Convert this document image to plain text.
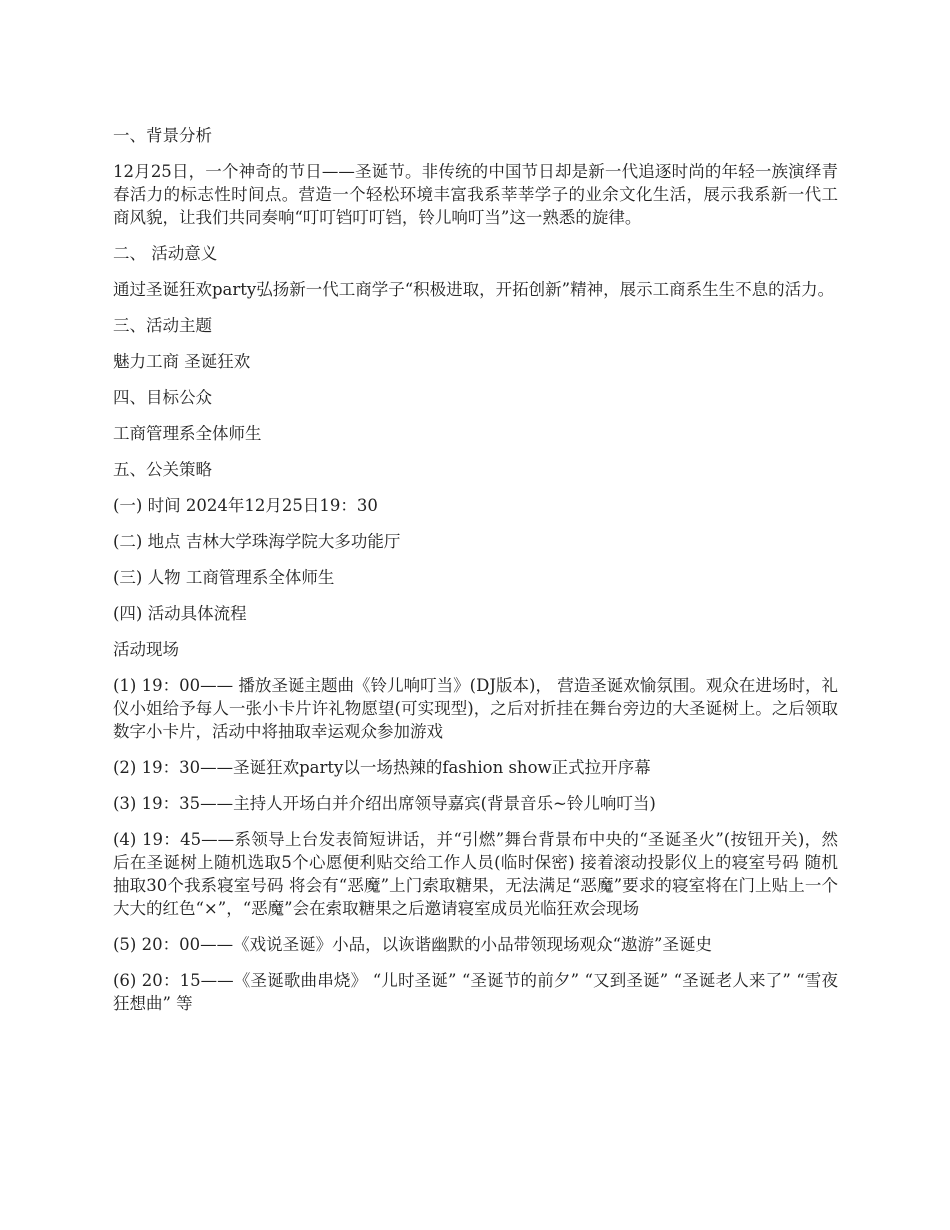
一、背景分析

12月25日，一个神奇的节日——圣诞节。非传统的中国节日却是新一代追逐时尚的年轻一族演绎青春活力的标志性时间点。营造一个轻松环境丰富我系莘莘学子的业余文化生活，展示我系新一代工商风貌，让我们共同奏响“叮叮铛叮叮铛，铃儿响叮当”这一熟悉的旋律。

二、 活动意义

通过圣诞狂欢party弘扬新一代工商学子“积极进取，开拓创新”精神，展示工商系生生不息的活力。

三、活动主题

魅力工商 圣诞狂欢

四、目标公众

工商管理系全体师生

五、公关策略

(一) 时间 2024年12月25日19：30

(二) 地点 吉林大学珠海学院大多功能厅

(三) 人物 工商管理系全体师生

(四) 活动具体流程

活动现场

(1) 19：00—— 播放圣诞主题曲《铃儿响叮当》(DJ版本)， 营造圣诞欢愉氛围。观众在进场时，礼仪小姐给予每人一张小卡片许礼物愿望(可实现型)，之后对折挂在舞台旁边的大圣诞树上。之后领取数字小卡片，活动中将抽取幸运观众参加游戏

(2) 19：30——圣诞狂欢party以一场热辣的fashion show正式拉开序幕

(3) 19：35——主持人开场白并介绍出席领导嘉宾(背景音乐~铃儿响叮当)

(4) 19：45——系领导上台发表简短讲话，并“引燃”舞台背景布中央的“圣诞圣火”(按钮开关)，然后在圣诞树上随机选取5个心愿便利贴交给工作人员(临时保密) 接着滚动投影仪上的寝室号码 随机抽取30个我系寝室号码 将会有“恶魔”上门索取糖果，无法满足“恶魔”要求的寝室将在门上贴上一个大大的红色“×”，“恶魔”会在索取糖果之后邀请寝室成员光临狂欢会现场

(5) 20：00——《戏说圣诞》小品，以诙谐幽默的小品带领现场观众“遨游”圣诞史

(6) 20：15——《圣诞歌曲串烧》 “儿时圣诞” “圣诞节的前夕” “又到圣诞” “圣诞老人来了” “雪夜狂想曲” 等
